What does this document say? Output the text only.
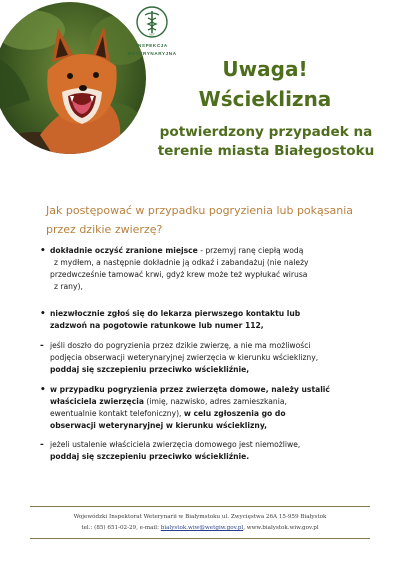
VET
INSPEKCJA
WETERYNARYJNA
Uwaga!
Wścieklizna
potwierdzony przypadek na
terenie miasta Białegostoku
Jak postępować w przypadku pogryzienia lub pokąsania
przez dzikie zwierzę?
• dokładnie oczyść zranione miejsce - przemyj ranę ciepłą wodą
z mydłem, a następnie dokładnie ją odkaź i zabandażuj (nie należy
przedwcześnie tamować krwi, gdyż krew może też wypłukać wirusa
z rany),
• niezwłocznie zgłoś się do lekarza pierwszego kontaktu lub
zadzwoń na pogotowie ratunkowe lub numer 112,
- jeśli doszło do pogryzienia przez dzikie zwierzę, a nie ma możliwości
podjęcia obserwacji weterynaryjnej zwierzęcia w kierunku wścieklizny,
poddaj się szczepieniu przeciwko wściekliźnie,
• w przypadku pogryzienia przez zwierzęta domowe, należy ustalić
właściciela zwierzęcia (imię, nazwisko, adres zamieszkania,
ewentualnie kontakt telefoniczny), w celu zgłoszenia go do
obserwacji weterynaryjnej w kierunku wścieklizny,
- jeżeli ustalenie właściciela zwierzęcia domowego jest niemożliwe,
poddaj się szczepieniu przeciwko wściekliźnie.
Wojewódzki Inspektorat Weterynarii w Białymstoku ul. Zwycięstwa 26A 15-959 Białystok
tel.: (85) 651-02-29, e-mail: bialystok.wiw@wetgiw.gov.pl, www.bialystok.wiw.gov.pl
